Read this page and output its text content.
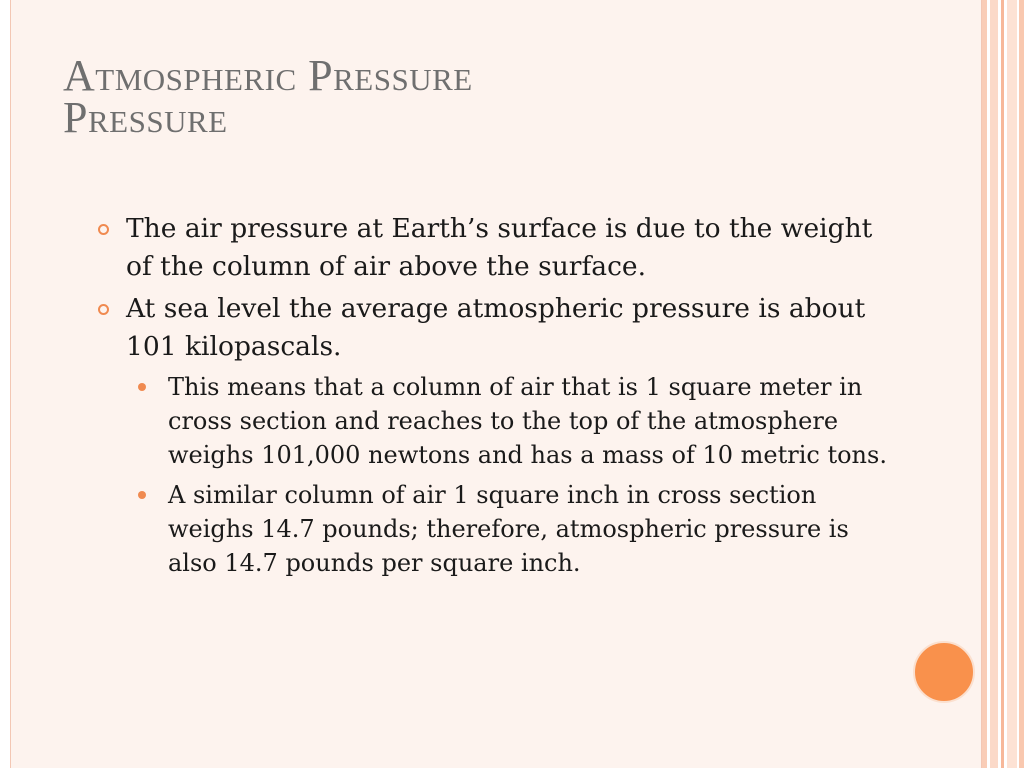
Atmospheric Pressure
Pressure
The air pressure at Earth’s surface is due to the weight of the column of air above the surface.
At sea level the average atmospheric pressure is about 101 kilopascals.
This means that a column of air that is 1 square meter in cross section and reaches to the top of the atmosphere weighs 101,000 newtons and has a mass of 10 metric tons.
A similar column of air 1 square inch in cross section weighs 14.7 pounds; therefore, atmospheric pressure is also 14.7 pounds per square inch.
